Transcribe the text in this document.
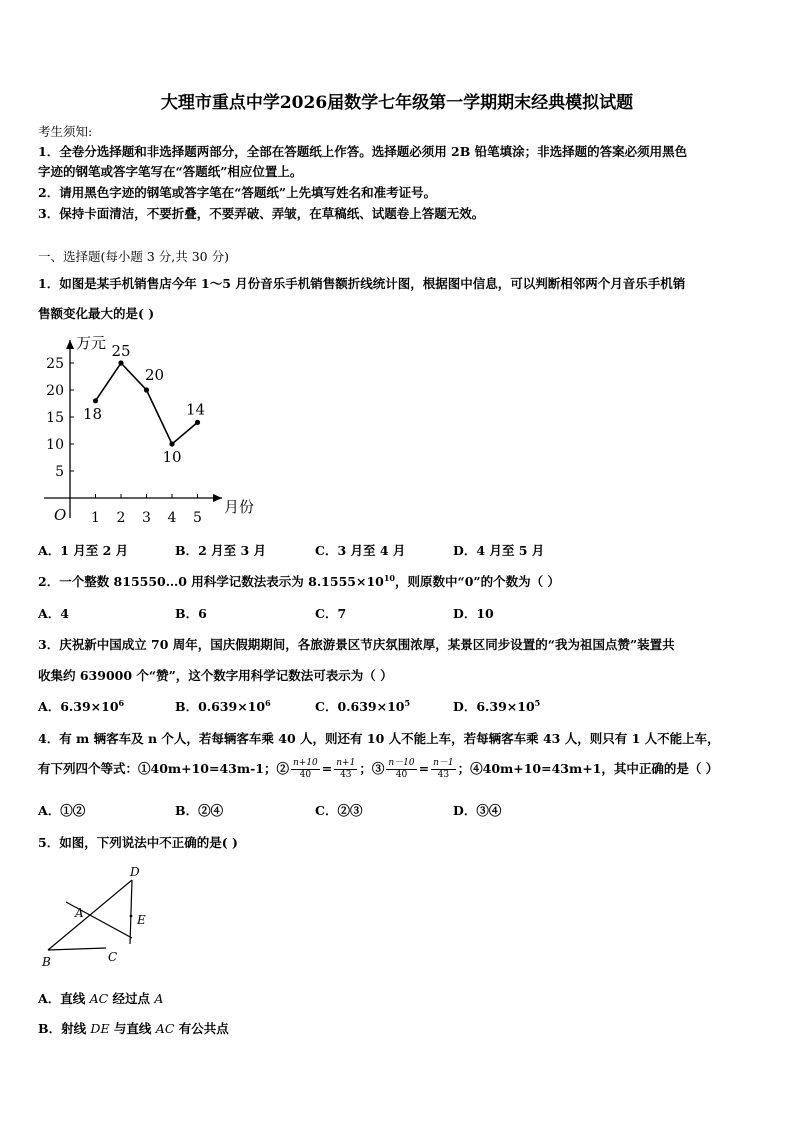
大理市重点中学2026届数学七年级第一学期期末经典模拟试题
考生须知:
1．全卷分选择题和非选择题两部分，全部在答题纸上作答。选择题必须用 2B 铅笔填涂；非选择题的答案必须用黑色
字迹的钢笔或答字笔写在“答题纸”相应位置上。
2．请用黑色字迹的钢笔或答字笔在“答题纸”上先填写姓名和准考证号。
3．保持卡面清洁，不要折叠，不要弄破、弄皱，在草稿纸、试题卷上答题无效。
一、选择题(每小题 3 分,共 30 分)
1．如图是某手机销售店今年 1～5 月份音乐手机销售额折线统计图，根据图中信息，可以判断相邻两个月音乐手机销
售额变化最大的是( )
5
10
15
20
25
1 2 3 4 5
18
25
20
10
14
万元
月份
O
A．1 月至 2 月	B．2 月至 3 月	C．3 月至 4 月	D．4 月至 5 月
2．一个整数 815550…0 用科学记数法表示为 $8.1555\times 10^{10}$，则原数中“0”的个数为（ ）
A．4	B．6	C．7	D．10
3．庆祝新中国成立 70 周年，国庆假期期间，各旅游景区节庆氛围浓厚，某景区同步设置的“我为祖国点赞”装置共
收集约 639000 个“赞”，这个数字用科学记数法可表示为（ ）
A．$6.39\times 10^6$	B．$0.639\times 10^6$	C．$0.639\times 10^5$	D．$6.39\times 10^5$
4．有 m 辆客车及 n 个人，若每辆客车乘 40 人，则还有 10 人不能上车，若每辆客车乘 43 人，则只有 1 人不能上车，
有下列四个等式：①40m+10=43m-1；② $\frac{n+10}{40} = \frac{n+1}{43}$ ；③ $\frac{n-10}{40} = \frac{n-1}{43}$ ；④40m+10=43m+1，其中正确的是（ ）
A．①②	B．②④	C．②③	D．③④
5．如图，下列说法中不正确的是( )
D
A	E
B	C
A．直线 AC 经过点 A
B．射线 DE 与直线 AC 有公共点
